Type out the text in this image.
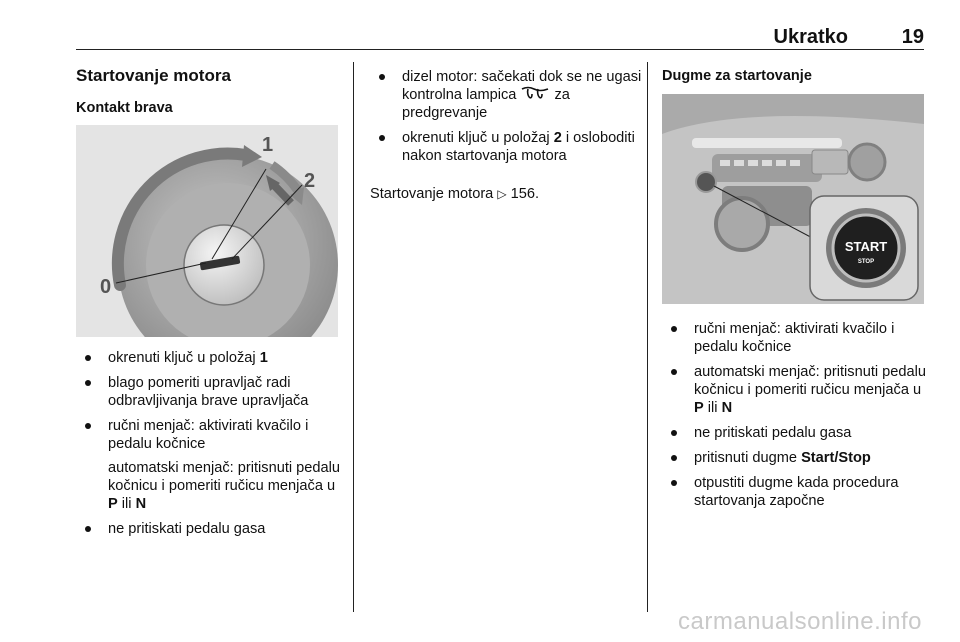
Ukratko	19
Startovanje motora
Kontakt brava
0
1
2
okrenuti ključ u položaj 1
blago pomeriti upravljač radi odbravljivanja brave upravljača
ručni menjač: aktivirati kvačilo i pedalu kočnice
automatski menjač: pritisnuti pedalu kočnicu i pomeriti ručicu menjača u P ili N
ne pritiskati pedalu gasa
dizel motor: sačekati dok se ne ugasi kontrolna lampica  za predgrevanje
okrenuti ključ u položaj 2 i osloboditi nakon startovanja motora
Startovanje motora ▷ 156.
Dugme za startovanje
START
STOP
ručni menjač: aktivirati kvačilo i pedalu kočnice
automatski menjač: pritisnuti pedalu kočnicu i pomeriti ručicu menjača u P ili N
ne pritiskati pedalu gasa
pritisnuti dugme Start/Stop
otpustiti dugme kada procedura startovanja započne
carmanualsonline.info
